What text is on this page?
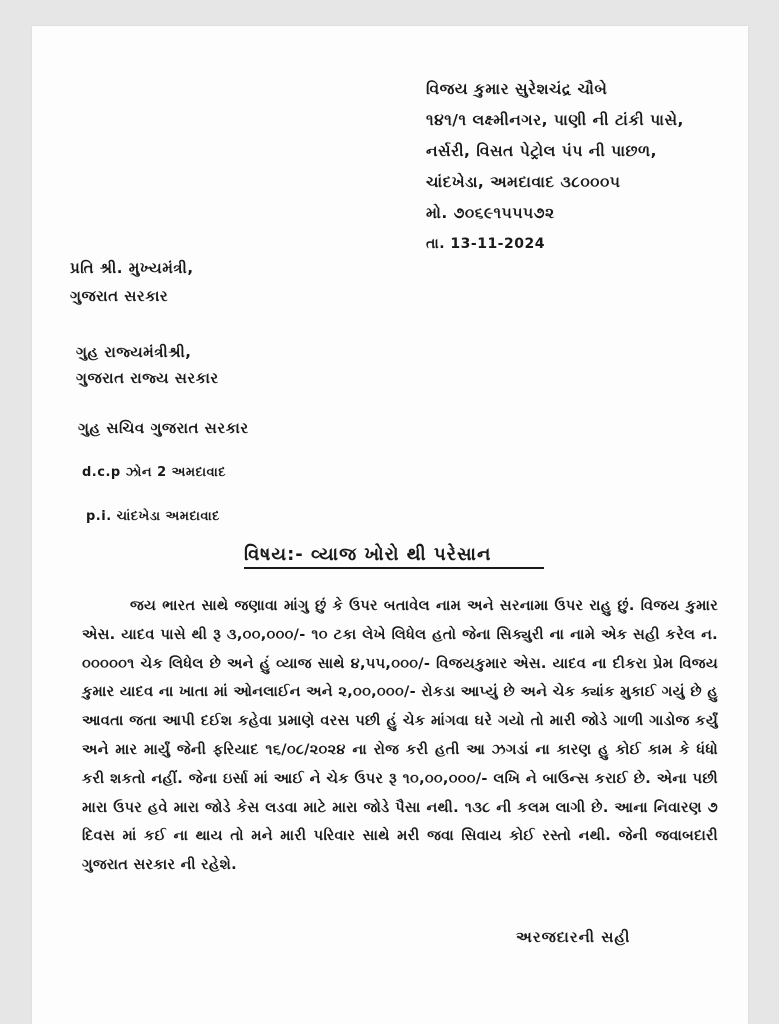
વિજય કુમાર સુરેશચંદ્ર ચૌબે
૧૪૧/૧ લક્ષ્મીનગર, પાણી ની ટાંકી પાસે,
નર્સરી, વિસત પેટ્રોલ પંપ ની પાછળ,
ચાંદખેડા, અમદાવાદ ૩૮૦૦૦૫
મો. ૭૦૬૯૧૫૫૫૭૨
તા. 13-11-2024
પ્રતિ શ્રી. મુખ્યમંત્રી,
ગુજરાત સરકાર
ગુહ રાજ્યમંત્રીશ્રી,
ગુજરાત રાજ્ય સરકાર
ગુહ સચિવ ગુજરાત સરકાર
d.c.p ઝોન 2 અમદાવાદ
p.i. ચાંદખેડા અમદાવાદ
વિષય:- વ્યાજ ખોરો થી પરેસાન
જય ભારત સાથે જણાવા માંગુ છું કે ઉપર બતાવેલ નામ અને સરનામા ઉપર રાહુ છું. વિજય કુમાર એસ. યાદવ પાસે થી રૂ ૩,૦૦,૦૦૦/- ૧૦ ટકા લેખે લિધેલ હતો જેના સિક્યુરી ના નામે એક સહી કરેલ ન. ૦૦૦૦૦૧ ચેક લિધેલ છે અને હું વ્યાજ સાથે ૪,૫૫,૦૦૦/- વિજયકુમાર એસ. યાદવ ના દીકરા પ્રેમ વિજય કુમાર યાદવ ના ખાતા માં ઓનલાઈન અને ૨,૦૦,૦૦૦/- રોકડા આપ્યું છે અને ચેક ક્યાંક મુકાઈ ગયું છે હુ આવતા જતા આપી દઈશ કહેવા પ્રમાણે વરસ પછી હું ચેક માંગવા ઘરે ગયો તો મારી જોડે ગાળી ગાડોજ કર્યું અને માર માર્યું જેની ફરિયાદ ૧૬/૦૮/૨૦૨૪ ના રોજ કરી હતી આ ઝગડાં ના કારણ હુ કોઈ કામ કે ધંધો કરી શકતો નહીં. જેના ઇર્સા માં આઈ ને ચેક ઉપર રૂ ૧૦,૦૦,૦૦૦/- લખિ ને બાઉન્સ કરાઈ છે. એના પછી મારા ઉપર હવે મારા જોડે કેસ લડવા માટે મારા જોડે પૈસા નથી. ૧૩૮ ની કલમ લાગી છે. આના નિવારણ ૭ દિવસ માં કઈ ના થાય તો મને મારી પરિવાર સાથે મરી જવા સિવાય કોઈ રસ્તો નથી. જેની જવાબદારી ગુજરાત સરકાર ની રહેશે.
અરજદારની સહી
